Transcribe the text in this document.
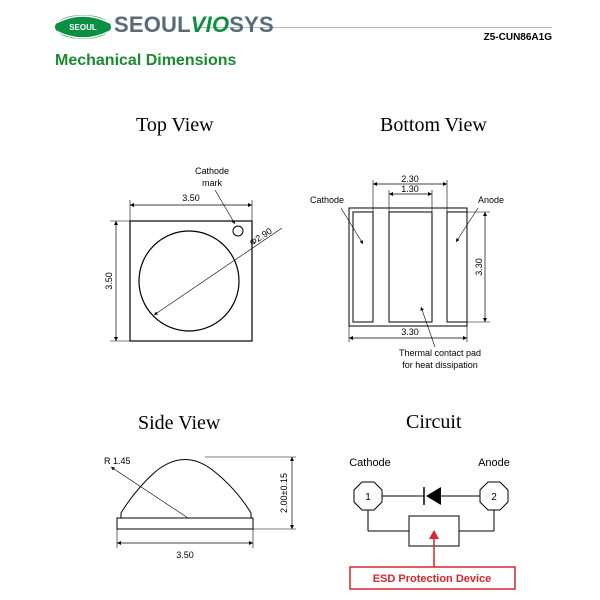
SEOUL SEOULVIOSYS
Z5-CUN86A1G
Mechanical Dimensions
Top View	Bottom View
Side View	Circuit
3.50
3.50
Φ2.90
Cathode
mark	2.30
1.30
3.30
3.30
Cathode	Anode
Thermal contact pad
for heat dissipation
R 1.45
2.00±0.15
3.50
Cathode	Anode
1	2
ESD Protection Device
